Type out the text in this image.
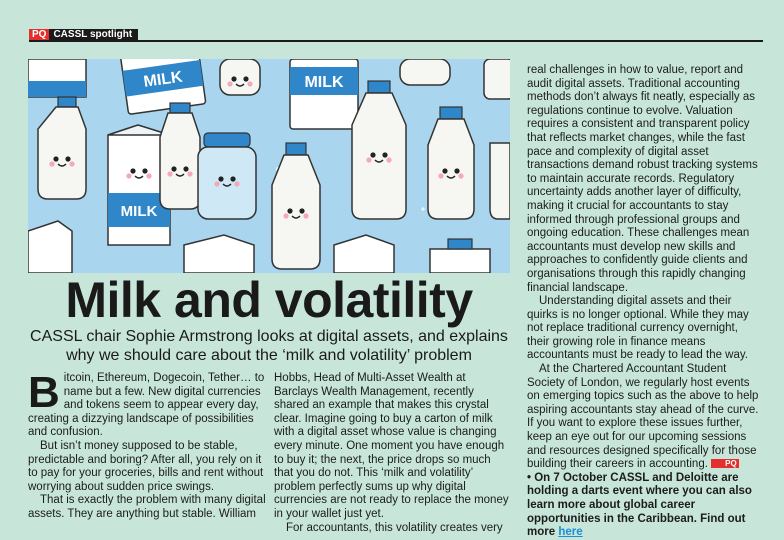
PQ CASSL spotlight
MILK	MILK
MILK
Milk and volatility
CASSL chair Sophie Armstrong looks at digital assets, and explains why we should care about the ‘milk and volatility’ problem
B itcoin, Ethereum, Dogecoin, Tether… to name but a few. New digital currencies and tokens seem to appear every day, creating a dizzying landscape of possibilities and confusion.

But isn’t money supposed to be stable, predictable and boring? After all, you rely on it to pay for your groceries, bills and rent without worrying about sudden price swings.

That is exactly the problem with many digital assets. They are anything but stable. William

Hobbs, Head of Multi-Asset Wealth at Barclays Wealth Management, recently shared an example that makes this crystal clear. Imagine going to buy a carton of milk with a digital asset whose value is changing every minute. One moment you have enough to buy it; the next, the price drops so much that you do not. This ‘milk and volatility’ problem perfectly sums up why digital currencies are not ready to replace the money in your wallet just yet.

For accountants, this volatility creates very

real challenges in how to value, report and audit digital assets. Traditional accounting methods don’t always fit neatly, especially as regulations continue to evolve. Valuation requires a consistent and transparent policy that reflects market changes, while the fast pace and complexity of digital asset transactions demand robust tracking systems to maintain accurate records. Regulatory uncertainty adds another layer of difficulty, making it crucial for accountants to stay informed through professional groups and ongoing education. These challenges mean accountants must develop new skills and approaches to confidently guide clients and organisations through this rapidly changing financial landscape.

Understanding digital assets and their quirks is no longer optional. While they may not replace traditional currency overnight, their growing role in finance means accountants must be ready to lead the way.

At the Chartered Accountant Student Society of London, we regularly host events on emerging topics such as the above to help aspiring accountants stay ahead of the curve. If you want to explore these issues further, keep an eye out for our upcoming sessions and resources designed specifically for those building their careers in accounting. PQ

• On 7 October CASSL and Deloitte are holding a darts event where you can also learn more about global career opportunities in the Caribbean. Find out more here
